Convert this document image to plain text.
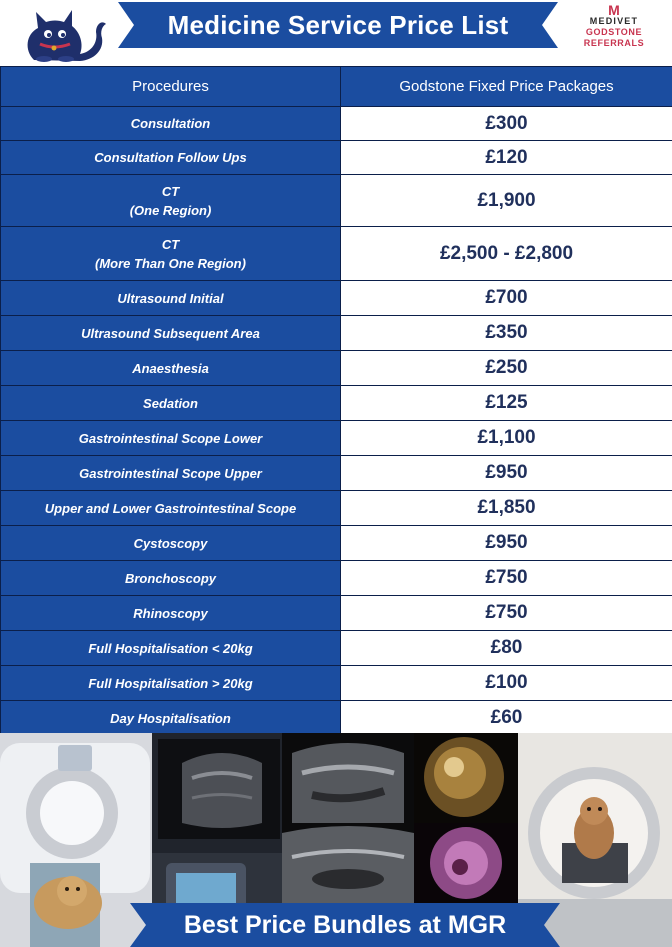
Medicine Service Price List	M
MEDIVET
GODSTONE REFERRALS
Procedures	Godstone Fixed Price Packages
Consultation	£300
Consultation Follow Ups	£120

CT
(One Region)	£1,900

CT
(More Than One Region)	£2,500 - £2,800
Ultrasound Initial	£700
Ultrasound Subsequent Area	£350
Anaesthesia	£250
Sedation	£125
Gastrointestinal Scope Lower	£1,100
Gastrointestinal Scope Upper	£950
Upper and Lower Gastrointestinal Scope	£1,850
Cystoscopy	£950
Bronchoscopy	£750
Rhinoscopy	£750
Full Hospitalisation < 20kg	£80
Full Hospitalisation > 20kg	£100
Day Hospitalisation	£60
Best Price Bundles at MGR
